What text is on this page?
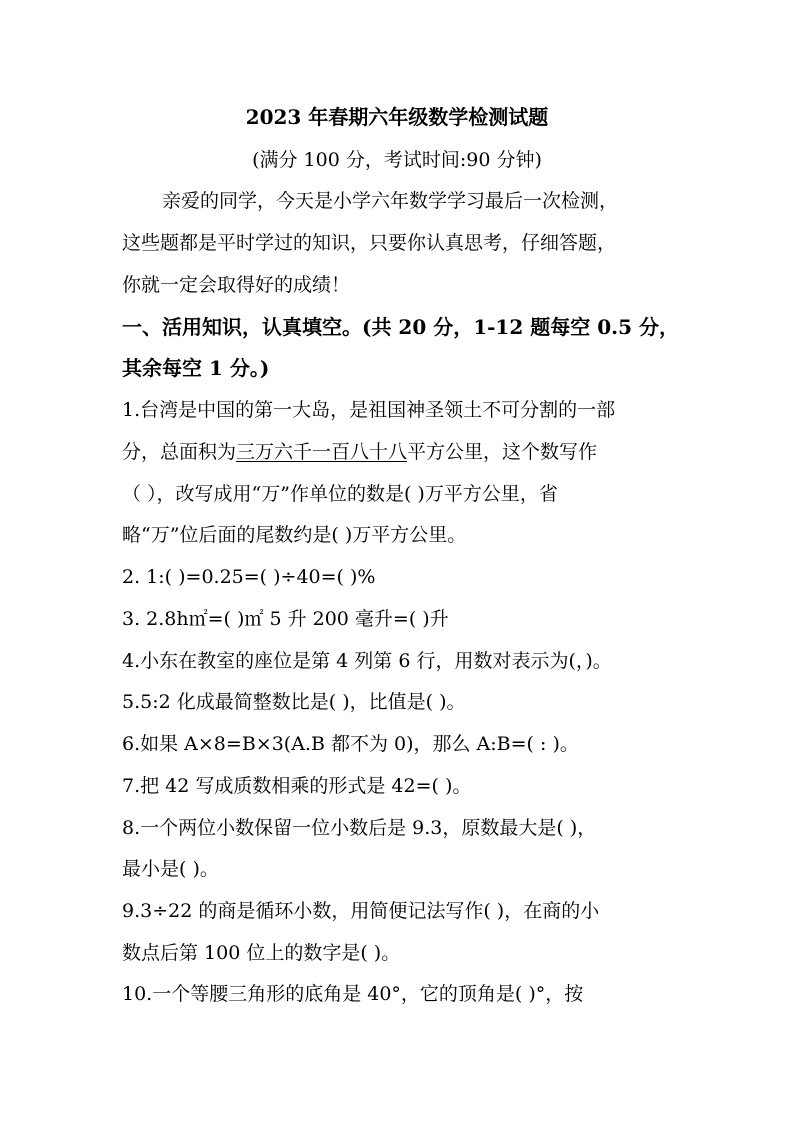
2023 年春期六年级数学检测试题
(满分 100 分，考试时间:90 分钟)
亲爱的同学，今天是小学六年数学学习最后一次检测，
这些题都是平时学过的知识，只要你认真思考，仔细答题，
你就一定会取得好的成绩！
一、活用知识，认真填空。(共 20 分，1-12 题每空 0.5 分，
其余每空 1 分。)
1.台湾是中国的第一大岛，是祖国神圣领土不可分割的一部
分，总面积为三万六千一百八十八平方公里，这个数写作
（ ），改写成用“万”作单位的数是( )万平方公里，省
略“万”位后面的尾数约是( )万平方公里。
2. 1:( )=0.25=( )÷40=( )%
3. 2.8h㎡=( )㎡ 5 升 200 毫升=( )升
4.小东在教室的座位是第 4 列第 6 行，用数对表示为(，)。
5.5:2 化成最简整数比是( )，比值是( )。
6.如果 A×8=B×3(A.B 都不为 0)，那么 A:B=( : )。
7.把 42 写成质数相乘的形式是 42=( )。
8.一个两位小数保留一位小数后是 9.3，原数最大是( )，
最小是( )。
9.3÷22 的商是循环小数，用简便记法写作( )，在商的小
数点后第 100 位上的数字是( )。
10.一个等腰三角形的底角是 40°，它的顶角是( )°，按
